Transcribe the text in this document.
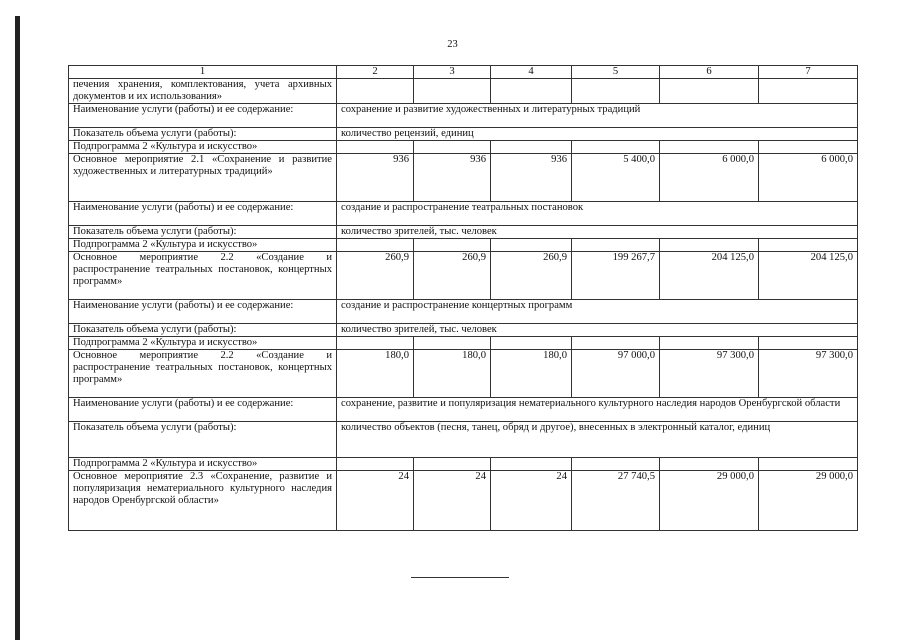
23
1	2	3	4	5	6	7
печения хранения, комплектования, учета архивных документов и их использования»						
Наименование услуги (работы) и ее содержание:	сохранение и развитие художественных и литературных традиций					
Показатель объема услуги (работы):	количество рецензий, единиц					
Подпрограмма 2 «Культура и искусство»						
Основное мероприятие 2.1 «Сохранение и развитие художественных и литературных традиций»	936	936	936	5 400,0	6 000,0	6 000,0
Наименование услуги (работы) и ее содержание:	создание и распространение театральных постановок					
Показатель объема услуги (работы):	количество зрителей, тыс. человек					
Подпрограмма 2 «Культура и искусство»						
Основное мероприятие 2.2 «Создание и распространение театральных постановок, концертных программ»	260,9	260,9	260,9	199 267,7	204 125,0	204 125,0
Наименование услуги (работы) и ее содержание:	создание и распространение концертных программ					
Показатель объема услуги (работы):	количество зрителей, тыс. человек					
Подпрограмма 2 «Культура и искусство»						
Основное мероприятие 2.2 «Создание и распространение театральных постановок, концертных программ»	180,0	180,0	180,0	97 000,0	97 300,0	97 300,0
Наименование услуги (работы) и ее содержание:	сохранение, развитие и популяризация нематериального культурного наследия народов Оренбургской области					
Показатель объема услуги (работы):	количество объектов (песня, танец, обряд и другое), внесенных в электронный каталог, единиц					
Подпрограмма 2 «Культура и искусство»						
Основное мероприятие 2.3 «Сохранение, развитие и популяризация нематериального культурного наследия народов Оренбургской области»	24	24	24	27 740,5	29 000,0	29 000,0
